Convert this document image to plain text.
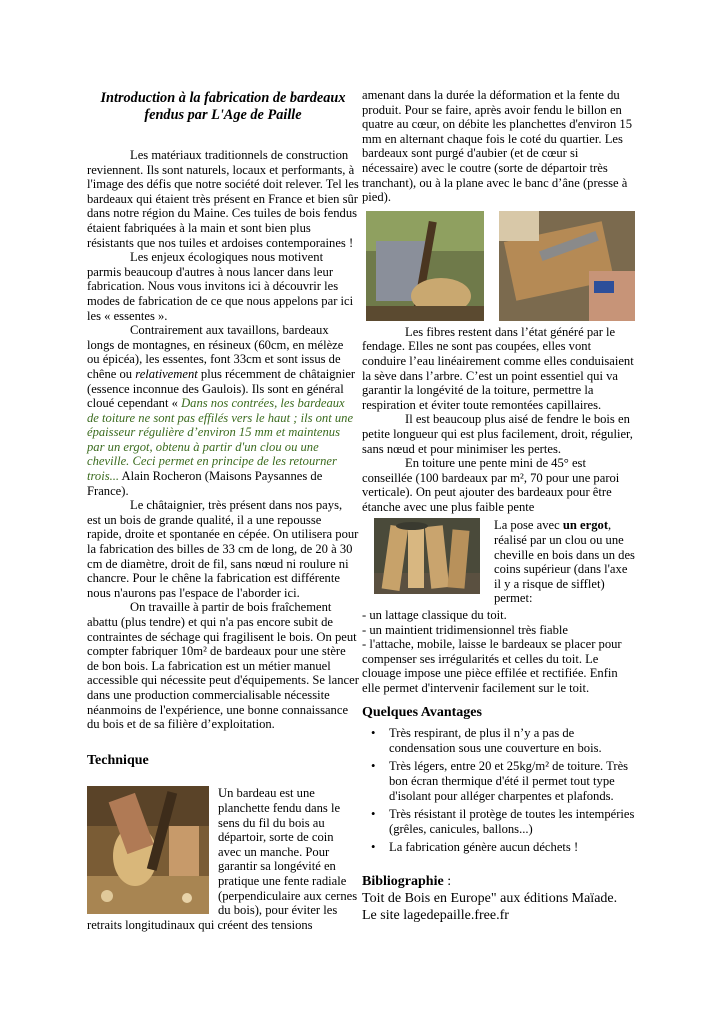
Introduction à la fabrication de bardeaux fendus par L'Age de Paille

Les matériaux traditionnels de construction reviennent. Ils sont naturels, locaux et performants, à l'image des défis que notre société doit relever. Tel les bardeaux qui étaient très présent en France et bien sûr dans notre région du Maine. Ces tuiles de bois fendus étaient fabriquées à la main et sont bien plus résistants que nos tuiles et ardoises contemporaines !

Les enjeux écologiques nous motivent parmis beaucoup d'autres à nous lancer dans leur fabrication. Nous vous invitons ici à découvrir les modes de fabrication de ce que nous appelons par ici les « essentes ».

Contrairement aux tavaillons, bardeaux longs de montagnes, en résineux (60cm, en mélèze ou épicéa), les essentes, font 33cm et sont issus de chêne ou relativement plus récemment de châtaignier (essence inconnue des Gaulois). Ils sont en général cloué cependant « Dans nos contrées, les bardeaux de toiture ne sont pas effilés vers le haut ; ils ont une épaisseur régulière d’environ 15 mm et maintenus par un ergot, obtenu à partir d'un clou ou une cheville. Ceci permet en principe de les retourner trois... Alain Rocheron (Maisons Paysannes de France).

Le châtaignier, très présent dans nos pays, est un bois de grande qualité, il a une repousse rapide, droite et spontanée en cépée. On utilisera pour la fabrication des billes de 33 cm de long, de 20 à 30 cm de diamètre, droit de fil, sans nœud ni roulure ni chancre. Pour le chêne la fabrication est différente nous n'aurons pas l'espace de l'aborder ici.

On travaille à partir de bois fraîchement abattu (plus tendre) et qui n'a pas encore subit de contraintes de séchage qui fragilisent le bois. On peut compter fabriquer 10m² de bardeaux pour une stère de bon bois. La fabrication est un métier manuel accessible qui nécessite peut d'équipements. Se lancer dans une production commercialisable nécessite néanmoins de l'expérience, une bonne connaissance du bois et de sa filière d’exploitation.

Technique

Un bardeau est une planchette fendu dans le sens du fil du bois au départoir, sorte de coin avec un manche. Pour garantir sa longévité en pratique une fente radiale (perpendiculaire aux cernes du bois), pour éviter les retraits longitudinaux qui créent des tensions

amenant dans la durée la déformation et la fente du produit. Pour se faire, après avoir fendu le billon en quatre au cœur, on débite les planchettes d'environ 15 mm en alternant chaque fois le coté du quartier. Les bardeaux sont purgé d'aubier (et de cœur si nécessaire) avec le coutre (sorte de départoir très tranchant), ou à la plane avec le banc d’âne (presse à pied).

Les fibres restent dans l’état généré par le fendage. Elles ne sont pas coupées, elles vont conduire l’eau linéairement comme elles conduisaient la sève dans l’arbre. C’est un point essentiel qui va garantir la longévité de la toiture, permettre la respiration et éviter toute remontées capillaires.

Il est beaucoup plus aisé de fendre le bois en petite longueur qui est plus facilement, droit, régulier, sans nœud et pour minimiser les pertes.

En toiture une pente mini de 45° est conseillée (100 bardeaux par m², 70 pour une paroi verticale). On peut ajouter des bardeaux pour être étanche avec une plus faible pente

La pose avec un ergot, réalisé par un clou ou une cheville en bois dans un des coins supérieur (dans l'axe il y a risque de sifflet) permet:

- un lattage classique du toit.

- un maintient tridimensionnel très fiable

- l'attache, mobile, laisse le bardeaux se placer pour compenser ses irrégularités et celles du toit. Le clouage impose une pièce effilée et rectifiée. Enfin elle permet d'intervenir facilement sur le toit.

Quelques Avantages
• Très respirant, de plus il n’y a pas de condensation sous une couverture en bois.
• Très légers, entre 20 et 25kg/m² de toiture. Très bon écran thermique d'été il permet tout type d'isolant pour alléger charpentes et plafonds.
• Très résistant il protège de toutes les intempéries (grêles, canicules, ballons...)
• La fabrication génère aucun déchets !
Bibliographie :
Toit de Bois en Europe" aux éditions Maïade.
Le site lagedepaille.free.fr
